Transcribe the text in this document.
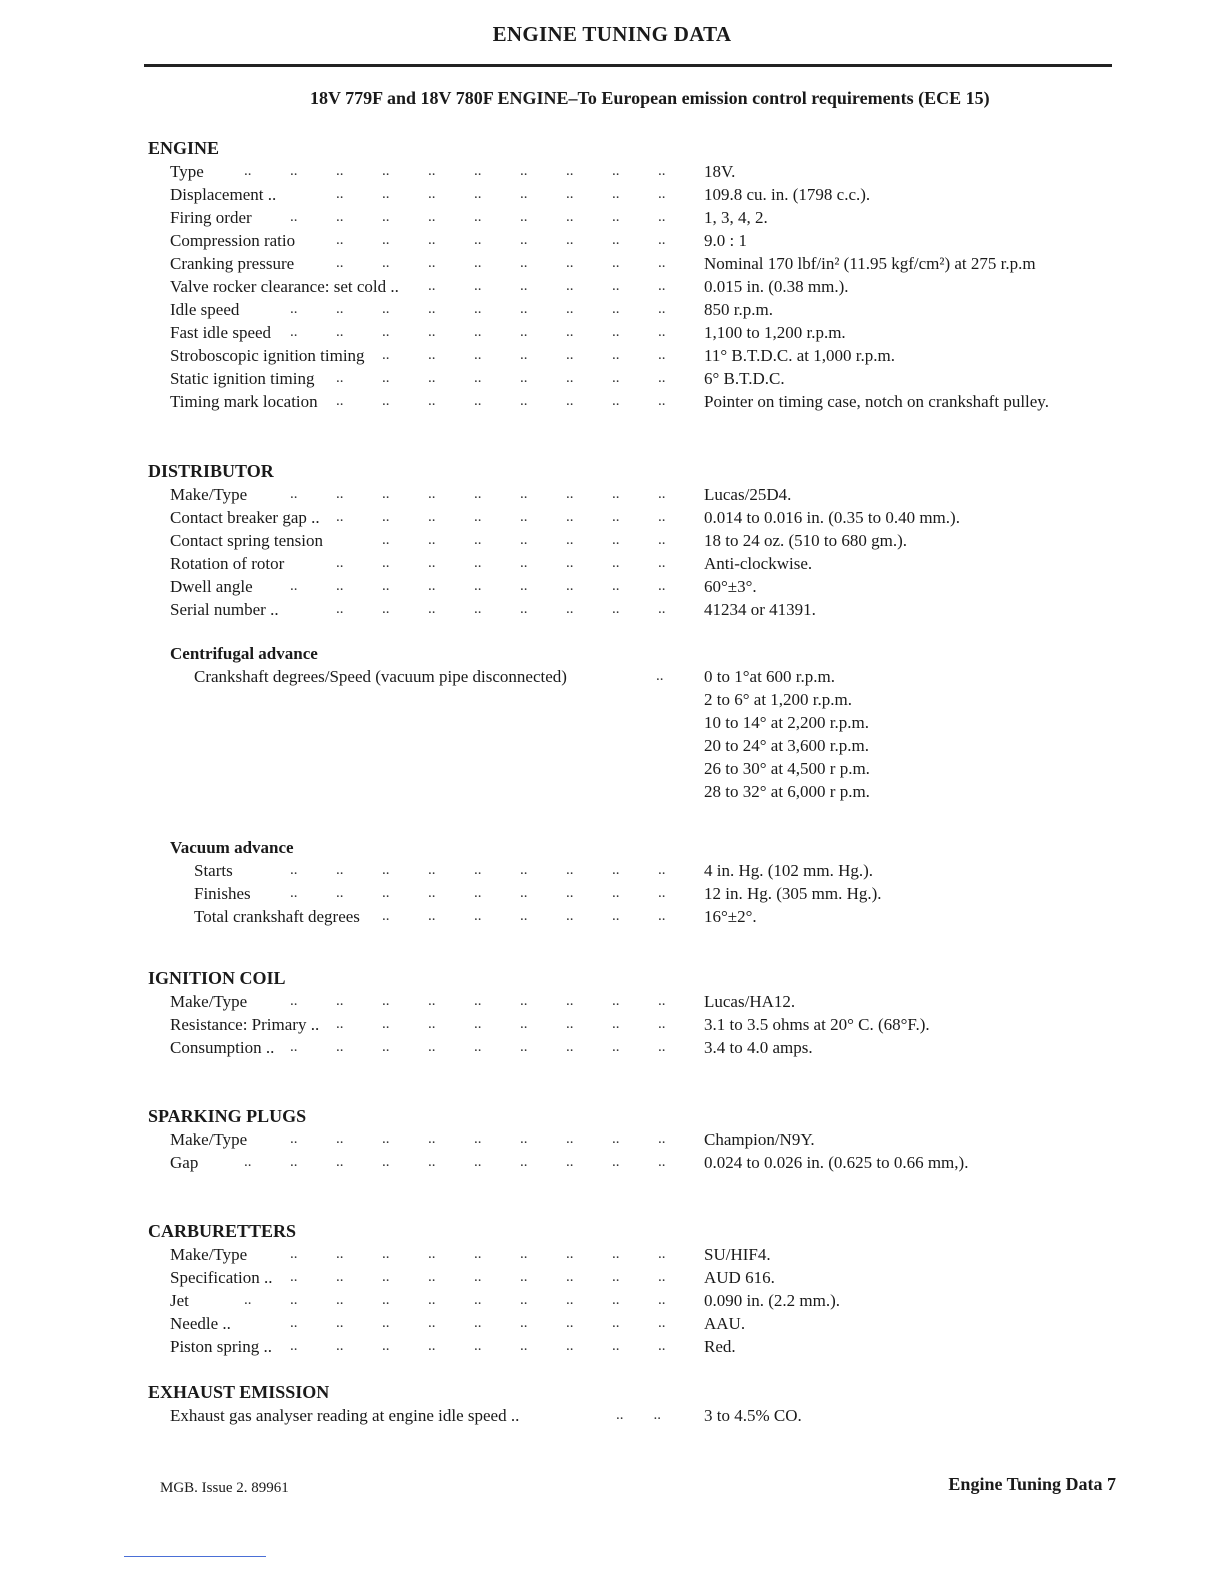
ENGINE TUNING DATA
18V 779F and 18V 780F ENGINE–To European emission control requirements (ECE 15)
ENGINE
Type	18V.
..	..	..	..	..	..	..	..	..	..
Displacement ..	109.8 cu. in. (1798 c.c.).
..	..	..	..	..	..	..	..
Firing order	1, 3, 4, 2.
..	..	..	..	..	..	..	..	..
Compression ratio	9.0 : 1
..	..	..	..	..	..	..	..
Cranking pressure	Nominal 170 lbf/in² (11.95 kgf/cm²) at 275 r.p.m
..	..	..	..	..	..	..	..
Valve rocker clearance: set cold ..	0.015 in. (0.38 mm.).
..	..	..	..	..	..
Idle speed	850 r.p.m.
..	..	..	..	..	..	..	..	..
Fast idle speed	1,100 to 1,200 r.p.m.
..	..	..	..	..	..	..	..	..
Stroboscopic ignition timing	11° B.T.D.C. at 1,000 r.p.m.
..	..	..	..	..	..	..
Static ignition timing	6° B.T.D.C.
..	..	..	..	..	..	..	..
Timing mark location	Pointer on timing case, notch on crankshaft pulley.
..	..	..	..	..	..	..	..
DISTRIBUTOR
Make/Type	Lucas/25D4.
..	..	..	..	..	..	..	..	..
Contact breaker gap ..	0.014 to 0.016 in. (0.35 to 0.40 mm.).
..	..	..	..	..	..	..	..
Contact spring tension	18 to 24 oz. (510 to 680 gm.).
..	..	..	..	..	..	..
Rotation of rotor	Anti-clockwise.
..	..	..	..	..	..	..	..
Dwell angle	60°±3°.
..	..	..	..	..	..	..	..	..
Serial number ..	41234 or 41391.
..	..	..	..	..	..	..	..
Centrifugal advance
Crankshaft degrees/Speed (vacuum pipe disconnected)	.. 0 to 1°at 600 r.p.m.
2 to 6° at 1,200 r.p.m.
10 to 14° at 2,200 r.p.m.
20 to 24° at 3,600 r.p.m.
26 to 30° at 4,500 r p.m.
28 to 32° at 6,000 r p.m.
Vacuum advance
Starts	4 in. Hg. (102 mm. Hg.).
..	..	..	..	..	..	..	..	..
Finishes	12 in. Hg. (305 mm. Hg.).
..	..	..	..	..	..	..	..	..
Total crankshaft degrees	16°±2°.
..	..	..	..	..	..	..
IGNITION COIL
Make/Type	Lucas/HA12.
..	..	..	..	..	..	..	..	..
Resistance: Primary ..	3.1 to 3.5 ohms at 20° C. (68°F.).
..	..	..	..	..	..	..	..
Consumption ..	3.4 to 4.0 amps.
..	..	..	..	..	..	..	..	..
SPARKING PLUGS
Make/Type	Champion/N9Y.
..	..	..	..	..	..	..	..	..
Gap	0.024 to 0.026 in. (0.625 to 0.66 mm,).
..	..	..	..	..	..	..	..	..	..
CARBURETTERS
Make/Type	SU/HIF4.
..	..	..	..	..	..	..	..	..
Specification ..	AUD 616.
..	..	..	..	..	..	..	..	..
Jet	0.090 in. (2.2 mm.).
..	..	..	..	..	..	..	..	..	..
Needle ..	AAU.
..	..	..	..	..	..	..	..	..
Piston spring ..	Red.
..	..	..	..	..	..	..	..	..
EXHAUST EMISSION
Exhaust gas analyser reading at engine idle speed ..	..        ..	3 to 4.5% CO.
MGB. Issue 2. 89961	Engine Tuning Data 7
